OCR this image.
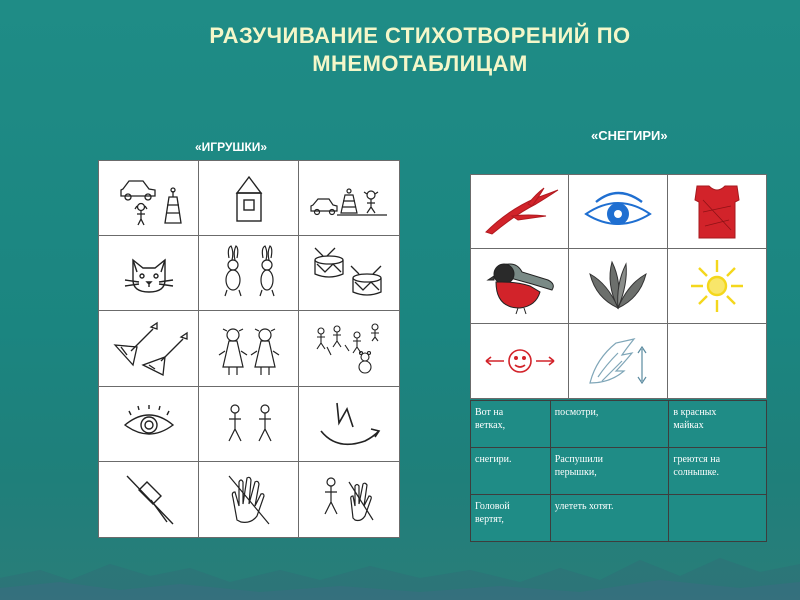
РАЗУЧИВАНИЕ СТИХОТВОРЕНИЙ ПО
МНЕМОТАБЛИЦАМ
«ИГРУШКИ»
«СНЕГИРИ»
Вот на
ветках,	посмотри,	в красных
майках

снегири.	Распушили
перышки,	греются на
солнышке.

Головой
вертят,	улететь хотят.	
